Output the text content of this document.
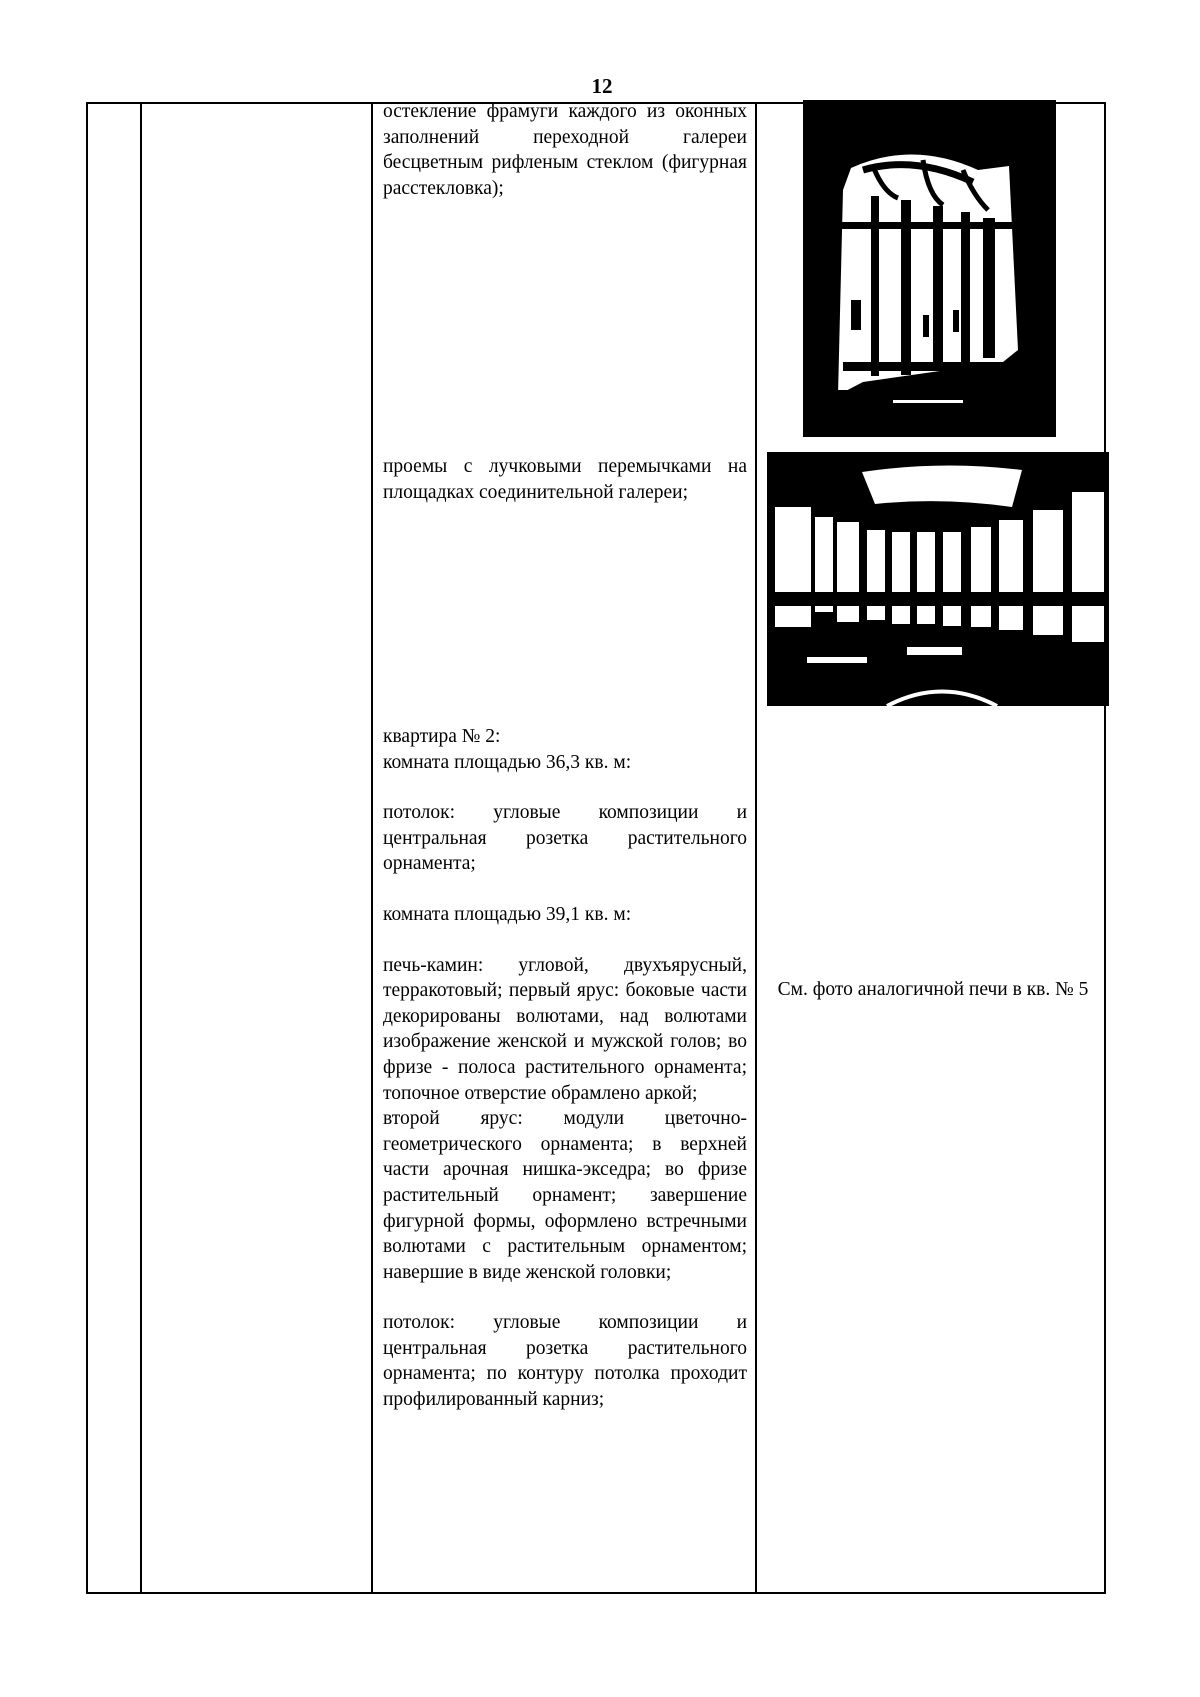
12

остекление фрамуги каждого из оконных заполнений переходной галереи бесцветным рифленым стеклом (фигурная расстекловка);

проемы с лучковыми перемычками на площадках соединительной галереи;

квартира № 2:

комната площадью 36,3 кв. м:

потолок: угловые композиции и центральная розетка растительного орнамента;

комната площадью 39,1 кв. м:

печь-камин: угловой, двухъярусный, терракотовый; первый ярус: боковые части декорированы волютами, над волютами изображение женской и мужской голов; во фризе - полоса растительного орнамента; топочное отверстие обрамлено аркой;

второй ярус: модули цветочно-геометрического орнамента; в верхней части арочная нишка-экседра; во фризе растительный орнамент; завершение фигурной формы, оформлено встречными волютами с растительным орнаментом; навершие в виде женской головки;

потолок: угловые композиции и центральная розетка растительного орнамента; по контуру потолка проходит профилированный карниз;

См. фото аналогичной печи в кв. № 5
